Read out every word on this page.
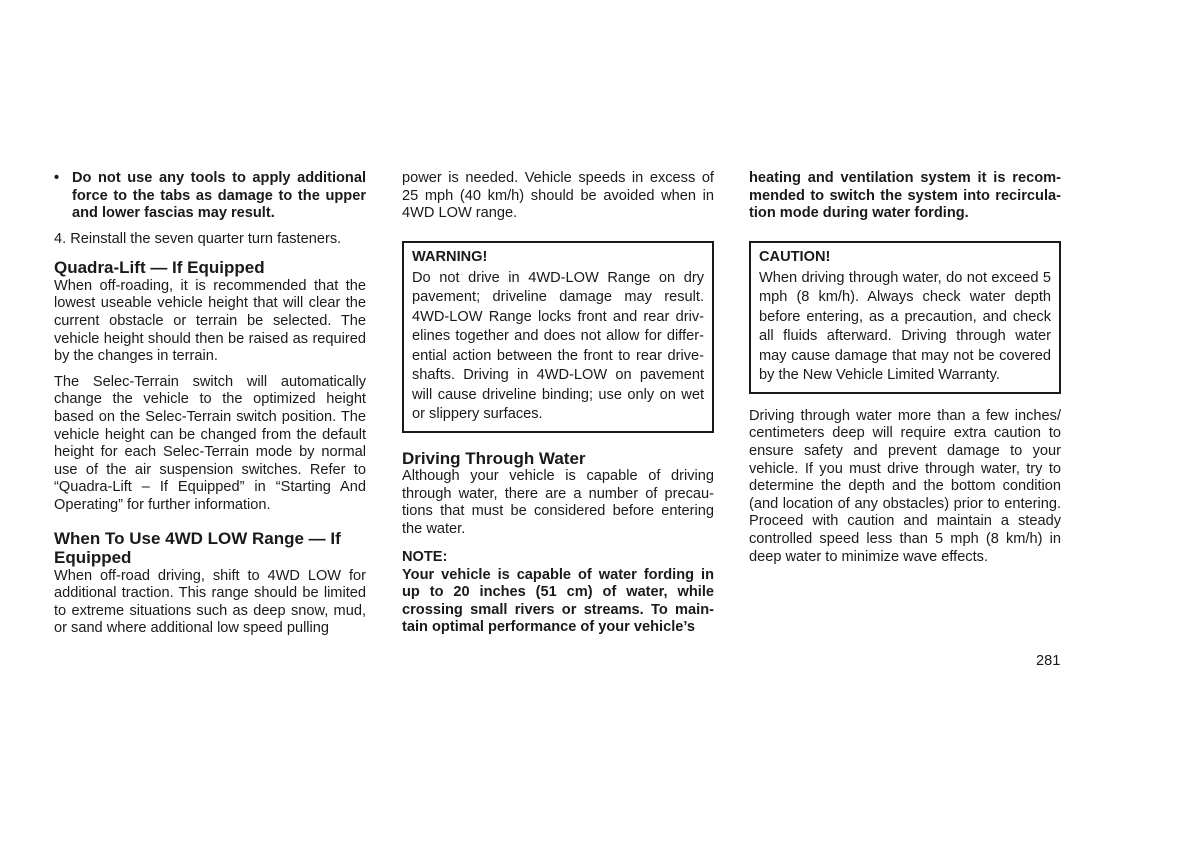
• Do not use any tools to apply additional force to the tabs as damage to the upper and lower fascias may result.

4. Reinstall the seven quarter turn fasteners.

Quadra-Lift — If Equipped

When off-roading, it is recommended that the lowest useable vehicle height that will clear the current obstacle or terrain be selected. The vehicle height should then be raised as required by the changes in terrain.

The Selec-Terrain switch will automatically change the vehicle to the optimized height based on the Selec-Terrain switch position. The vehicle height can be changed from the default height for each Selec-Terrain mode by normal use of the air suspension switches. Refer to “Quadra-Lift – If Equipped” in “Starting And Operating” for further information.

When To Use 4WD LOW Range — If Equipped

When off-road driving, shift to 4WD LOW for additional traction. This range should be limited to extreme situations such as deep snow, mud, or sand where additional low speed pulling

power is needed. Vehicle speeds in excess of 25 mph (40 km/h) should be avoided when in 4WD LOW range.

WARNING!
Do not drive in 4WD-LOW Range on dry pavement; driveline damage may result. 4WD-LOW Range locks front and rear drivelines together and does not allow for differential action between the front to rear driveshafts. Driving in 4WD-LOW on pavement will cause driveline binding; use only on wet or slippery surfaces.
Driving Through Water

Although your vehicle is capable of driving through water, there are a number of precautions that must be considered before entering the water.

NOTE:

Your vehicle is capable of water fording in up to 20 inches (51 cm) of water, while crossing small rivers or streams. To maintain optimal performance of your vehicle’s

heating and ventilation system it is recommended to switch the system into recirculation mode during water fording.

CAUTION!
When driving through water, do not exceed 5 mph (8 km/h). Always check water depth before entering, as a precaution, and check all fluids afterward. Driving through water may cause damage that may not be covered by the New Vehicle Limited Warranty.

Driving through water more than a few inches/ centimeters deep will require extra caution to ensure safety and prevent damage to your vehicle. If you must drive through water, try to determine the depth and the bottom condition (and location of any obstacles) prior to entering. Proceed with caution and maintain a steady controlled speed less than 5 mph (8 km/h) in deep water to minimize wave effects.

281
